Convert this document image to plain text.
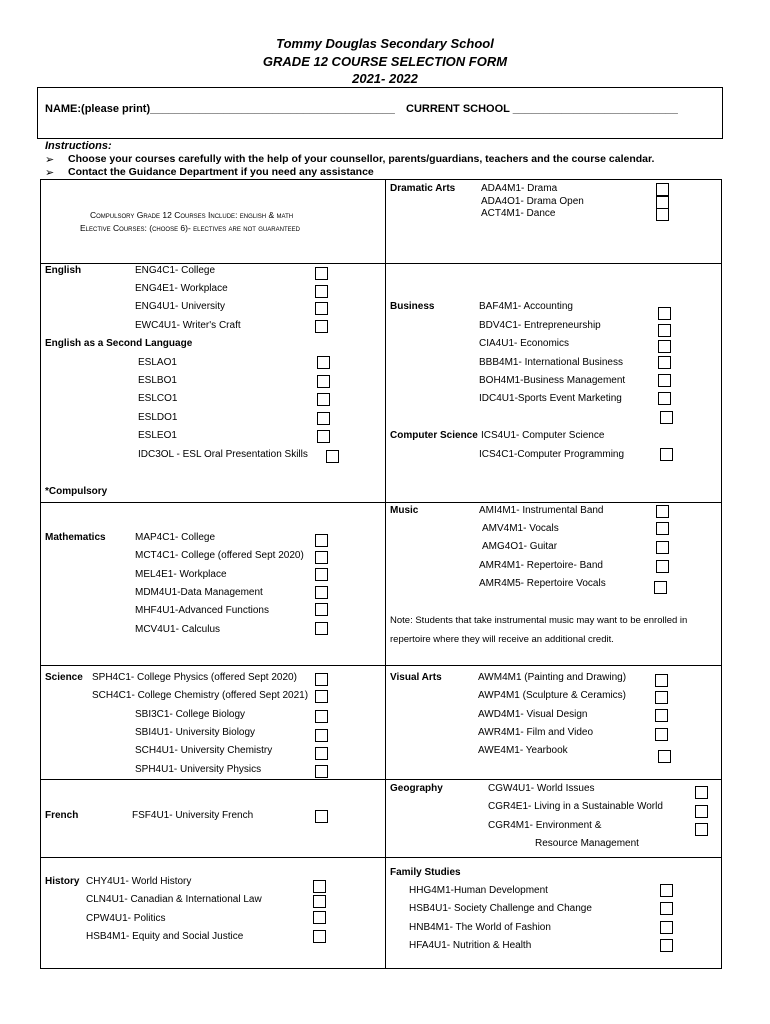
Tommy Douglas Secondary School
GRADE 12 COURSE SELECTION FORM
2021- 2022
NAME:(please print)________________________________________ CURRENT SCHOOL ___________________________
Instructions:
➢ Choose your courses carefully with the help of your counsellor, parents/guardians, teachers and the course calendar.
➢ Contact the Guidance Department if you need any assistance
Compulsory Grade 12 Courses Include: english & math
Elective Courses: (choose 6)- electives are not guaranteed
Dramatic Arts	ADA4M1- Drama
ADA4O1- Drama Open
ACT4M1- Dance
English	ENG4C1- College
ENG4E1- Workplace
ENG4U1- University
EWC4U1- Writer's Craft
English as a Second Language
ESLAO1
ESLBO1
ESLCO1
ESLDO1
ESLEO1
IDC3OL - ESL Oral Presentation Skills
*Compulsory
Business	BAF4M1- Accounting
BDV4C1- Entrepreneurship
CIA4U1- Economics
BBB4M1- International Business
BOH4M1-Business Management
IDC4U1-Sports Event Marketing
Computer Science ICS4U1- Computer Science
ICS4C1-Computer Programming
Music	AMI4M1- Instrumental Band
AMV4M1- Vocals
AMG4O1- Guitar
AMR4M1- Repertoire- Band
AMR4M5- Repertoire Vocals
Note: Students that take instrumental music may want to be enrolled in
repertoire where they will receive an additional credit.
Mathematics	MAP4C1- College
MCT4C1- College (offered Sept 2020)
MEL4E1- Workplace
MDM4U1-Data Management
MHF4U1-Advanced Functions
MCV4U1- Calculus
Science SPH4C1- College Physics (offered Sept 2020)
SCH4C1- College Chemistry (offered Sept 2021)
SBI3C1- College Biology
SBI4U1- University Biology
SCH4U1- University Chemistry
SPH4U1- University Physics
Visual Arts	AWM4M1 (Painting and Drawing)
AWP4M1 (Sculpture & Ceramics)
AWD4M1- Visual Design
AWR4M1- Film and Video
AWE4M1- Yearbook
Geography	CGW4U1- World Issues
CGR4E1- Living in a Sustainable World
CGR4M1- Environment &
Resource Management
French	FSF4U1- University French
History CHY4U1- World History
CLN4U1- Canadian & International Law
CPW4U1- Politics
HSB4M1- Equity and Social Justice
Family Studies
HHG4M1-Human Development
HSB4U1- Society Challenge and Change
HNB4M1- The World of Fashion
HFA4U1- Nutrition & Health
